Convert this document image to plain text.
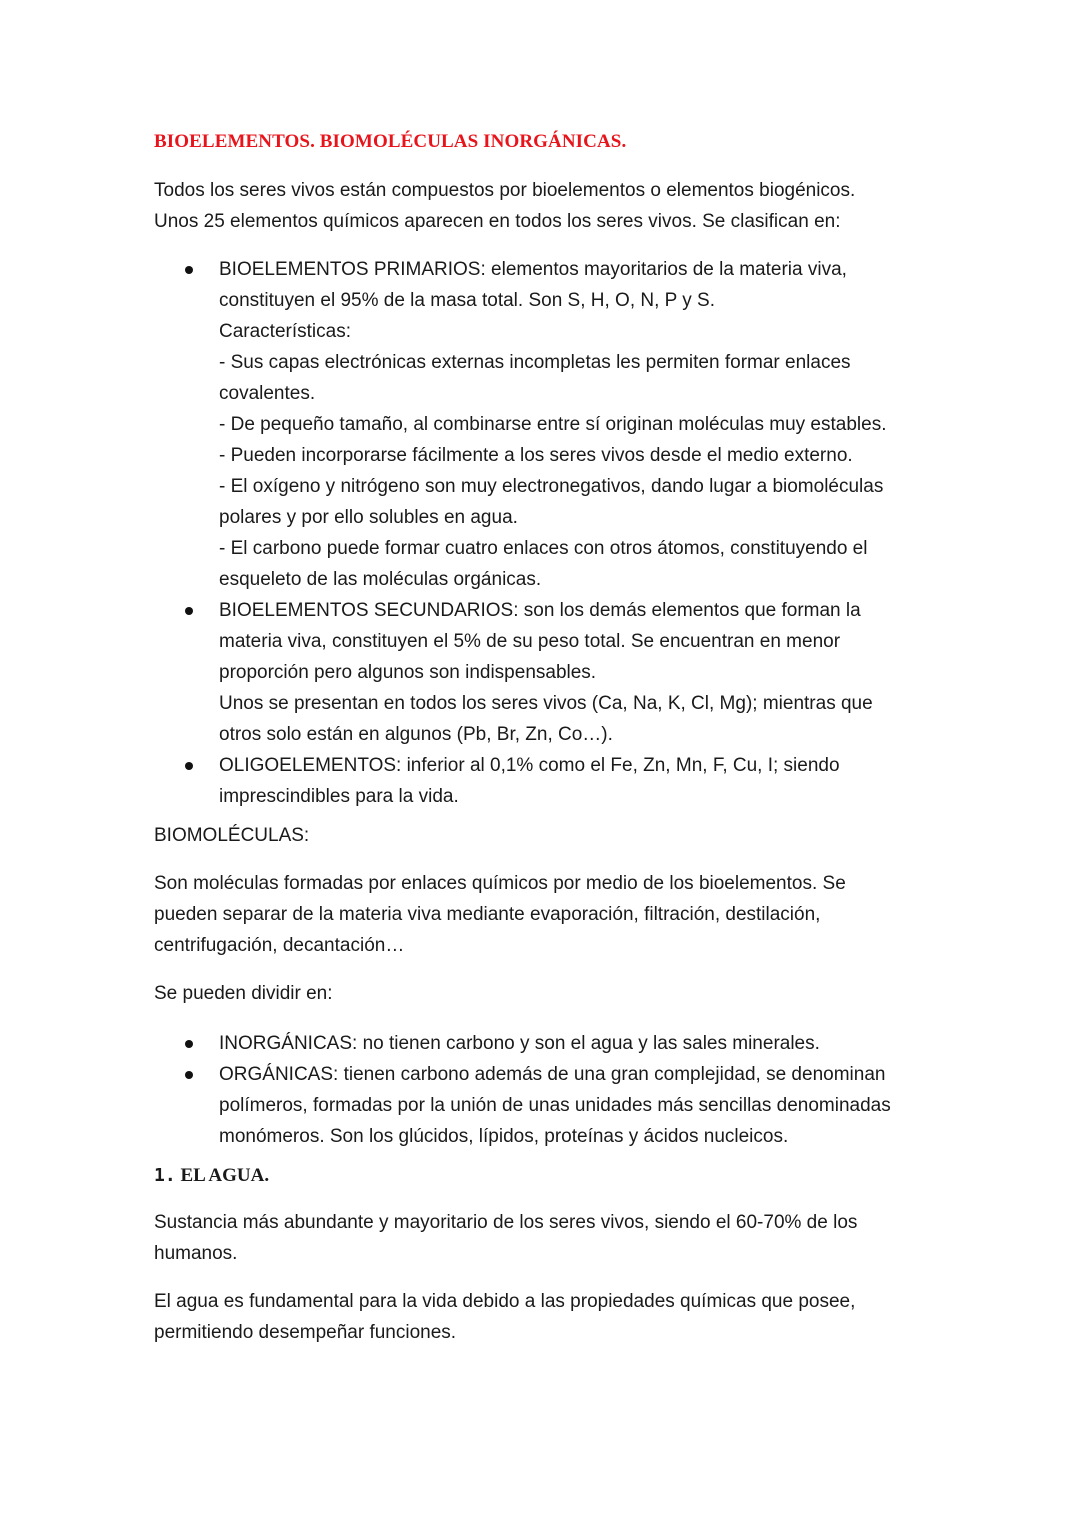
BIOELEMENTOS. BIOMOLÉCULAS INORGÁNICAS.

Todos los seres vivos están compuestos por bioelementos o elementos biogénicos.
Unos 25 elementos químicos aparecen en todos los seres vivos. Se clasifican en:

BIOELEMENTOS PRIMARIOS: elementos mayoritarios de la materia viva,
constituyen el 95% de la masa total. Son S, H, O, N, P y S.
Características:
- Sus capas electrónicas externas incompletas les permiten formar enlaces
covalentes.
- De pequeño tamaño, al combinarse entre sí originan moléculas muy estables.
- Pueden incorporarse fácilmente a los seres vivos desde el medio externo.
- El oxígeno y nitrógeno son muy electronegativos, dando lugar a biomoléculas
polares y por ello solubles en agua.
- El carbono puede formar cuatro enlaces con otros átomos, constituyendo el
esqueleto de las moléculas orgánicas.
BIOELEMENTOS SECUNDARIOS: son los demás elementos que forman la
materia viva, constituyen el 5% de su peso total. Se encuentran en menor
proporción pero algunos son indispensables.
Unos se presentan en todos los seres vivos (Ca, Na, K, Cl, Mg); mientras que
otros solo están en algunos (Pb, Br, Zn, Co…).
OLIGOELEMENTOS: inferior al 0,1% como el Fe, Zn, Mn, F, Cu, I; siendo
imprescindibles para la vida.

BIOMOLÉCULAS:

Son moléculas formadas por enlaces químicos por medio de los bioelementos. Se
pueden separar de la materia viva mediante evaporación, filtración, destilación,
centrifugación, decantación…

Se pueden dividir en:

INORGÁNICAS: no tienen carbono y son el agua y las sales minerales.
ORGÁNICAS: tienen carbono además de una gran complejidad, se denominan
polímeros, formadas por la unión de unas unidades más sencillas denominadas
monómeros. Son los glúcidos, lípidos, proteínas y ácidos nucleicos.
1. EL AGUA.

Sustancia más abundante y mayoritario de los seres vivos, siendo el 60-70% de los
humanos.

El agua es fundamental para la vida debido a las propiedades químicas que posee,
permitiendo desempeñar funciones.
